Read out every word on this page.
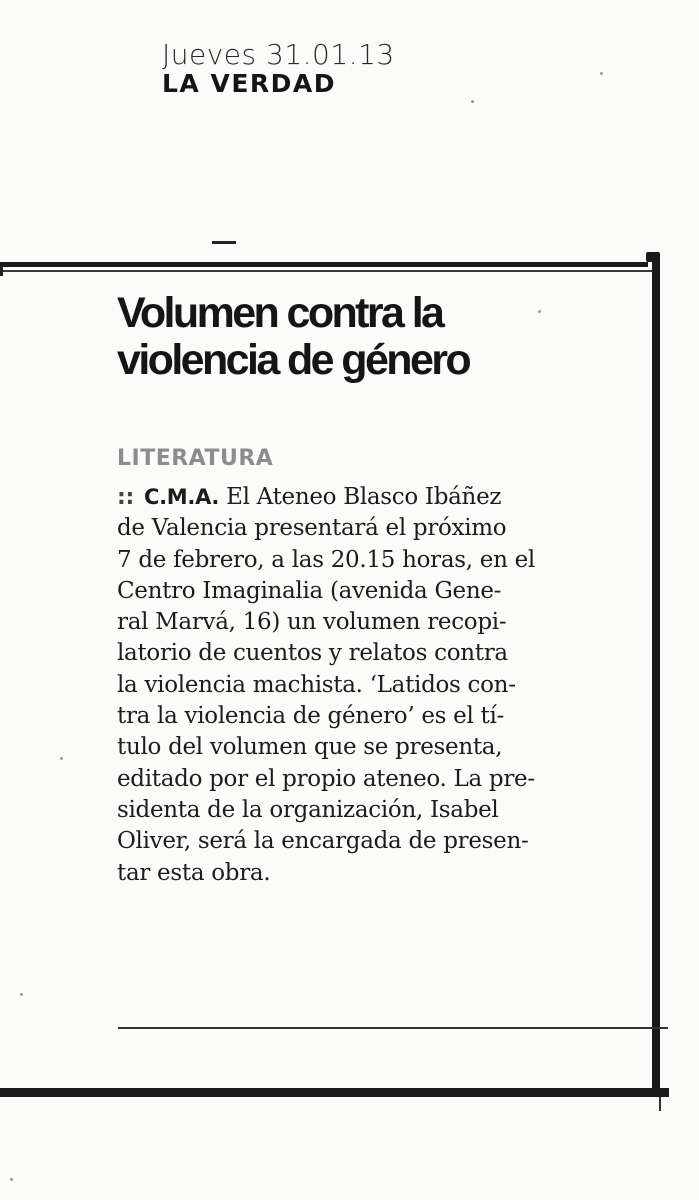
Jueves 31.01.13
LA VERDAD
Volumen contra la
violencia de género
LITERATURA
:: C.M.A. El Ateneo Blasco Ibáñez
de Valencia presentará el próximo
7 de febrero, a las 20.15 horas, en el
Centro Imaginalia (avenida Gene-
ral Marvá, 16) un volumen recopi-
latorio de cuentos y relatos contra
la violencia machista. ‘Latidos con-
tra la violencia de género’ es el tí-
tulo del volumen que se presenta,
editado por el propio ateneo. La pre-
sidenta de la organización, Isabel
Oliver, será la encargada de presen-
tar esta obra.
